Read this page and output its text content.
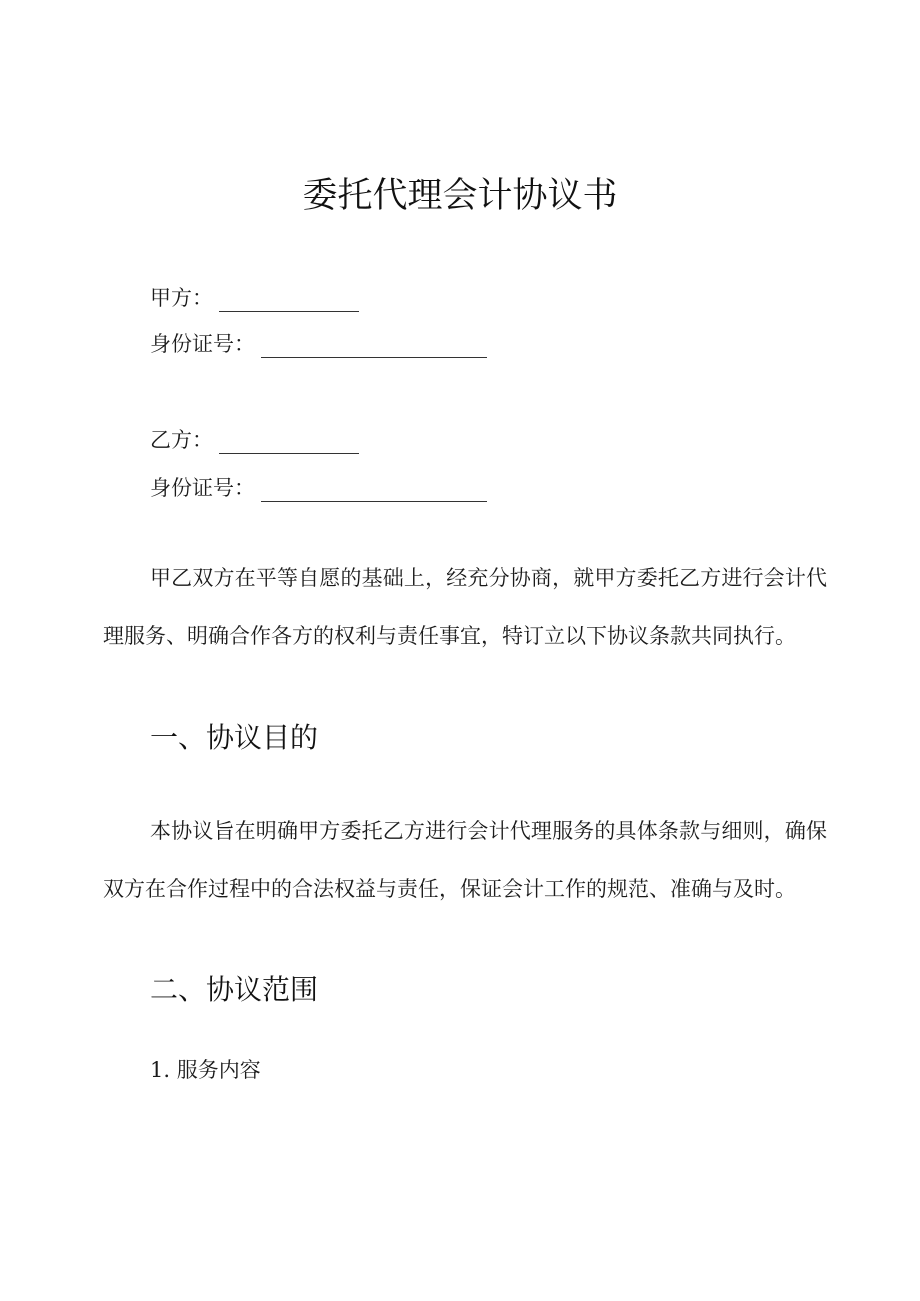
委托代理会计协议书
甲方：
身份证号：
乙方：
身份证号：

甲乙双方在平等自愿的基础上，经充分协商，就甲方委托乙方进行会计代理服务、明确合作各方的权利与责任事宜，特订立以下协议条款共同执行。

一、协议目的

本协议旨在明确甲方委托乙方进行会计代理服务的具体条款与细则，确保双方在合作过程中的合法权益与责任，保证会计工作的规范、准确与及时。

二、协议范围

1. 服务内容
